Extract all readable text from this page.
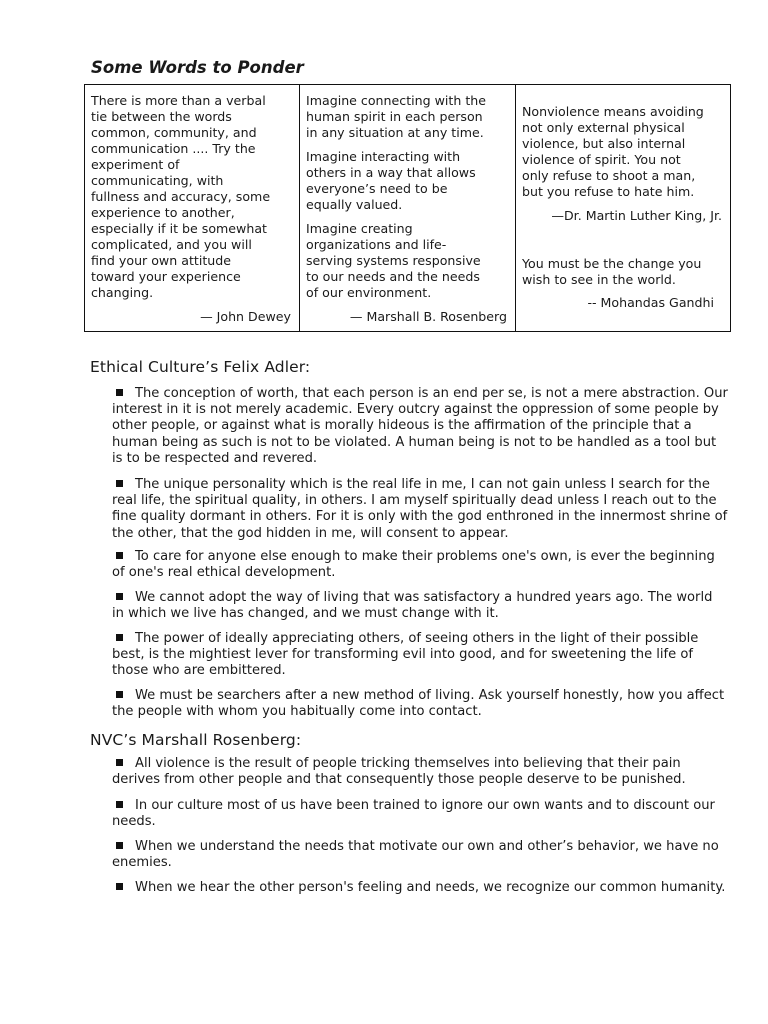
Some Words to Ponder

There is more than a verbal
tie between the words
common, community, and
communication .... Try the
experiment of
communicating, with
fullness and accuracy, some
experience to another,
especially if it be somewhat
complicated, and you will
find your own attitude
toward your experience
changing.

— John Dewey

Imagine connecting with the
human spirit in each person
in any situation at any time.

Imagine interacting with
others in a way that allows
everyone’s need to be
equally valued.

Imagine creating
organizations and life-
serving systems responsive
to our needs and the needs
of our environment.

— Marshall B. Rosenberg

Nonviolence means avoiding
not only external physical
violence, but also internal
violence of spirit. You not
only refuse to shoot a man,
but you refuse to hate him.

—Dr. Martin Luther King, Jr.

You must be the change you
wish to see in the world.

-- Mohandas Gandhi

Ethical Culture’s Felix Adler:

The conception of worth, that each person is an end per se, is not a mere abstraction. Our interest in it is not merely academic. Every outcry against the oppression of some people by other people, or against what is morally hideous is the affirmation of the principle that a human being as such is not to be violated. A human being is not to be handled as a tool but is to be respected and revered.

The unique personality which is the real life in me, I can not gain unless I search for the real life, the spiritual quality, in others. I am myself spiritually dead unless I reach out to the fine quality dormant in others. For it is only with the god enthroned in the innermost shrine of the other, that the god hidden in me, will consent to appear.

To care for anyone else enough to make their problems one's own, is ever the beginning of one's real ethical development.

We cannot adopt the way of living that was satisfactory a hundred years ago. The world in which we live has changed, and we must change with it.

The power of ideally appreciating others, of seeing others in the light of their possible best, is the mightiest lever for transforming evil into good, and for sweetening the life of those who are embittered.

We must be searchers after a new method of living. Ask yourself honestly, how you affect the people with whom you habitually come into contact.

NVC’s Marshall Rosenberg:

All violence is the result of people tricking themselves into believing that their pain derives from other people and that consequently those people deserve to be punished.

In our culture most of us have been trained to ignore our own wants and to discount our needs.

When we understand the needs that motivate our own and other’s behavior, we have no enemies.

When we hear the other person's feeling and needs, we recognize our common humanity.
